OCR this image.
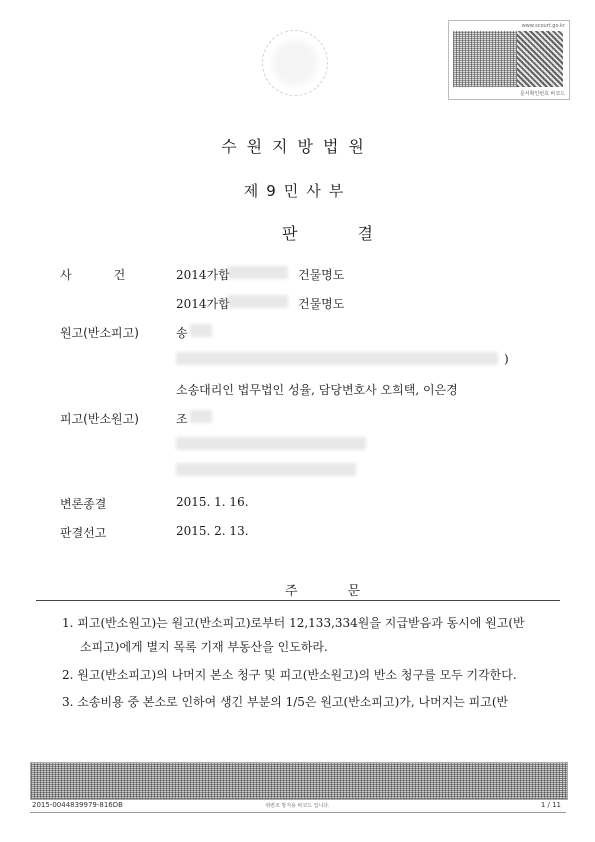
www.scourt.go.kr
문서확인번호 바코드
수원지방법원
제9민사부
판결
사건 2014가합	건물명도
2014가합	건물명도
원고(반소피고)	송
)
소송대리인 법무법인 성율, 담당변호사 오희택, 이은경
피고(반소원고)	조
변론종결	2015. 1. 16.
판결선고	2015. 2. 13.
주문
1. 피고(반소원고)는 원고(반소피고)로부터 12,133,334원을 지급받음과 동시에 원고(반
소피고)에게 별지 목록 기재 부동산을 인도하라.
2. 원고(반소피고)의 나머지 본소 청구 및 피고(반소원고)의 반소 청구를 모두 기각한다.
3. 소송비용 중 본소로 인하여 생긴 부분의 1/5은 원고(반소피고)가, 나머지는 피고(반
2015-0044839979-816DB	위변조 방지용 바코드 입니다.	1 / 11
